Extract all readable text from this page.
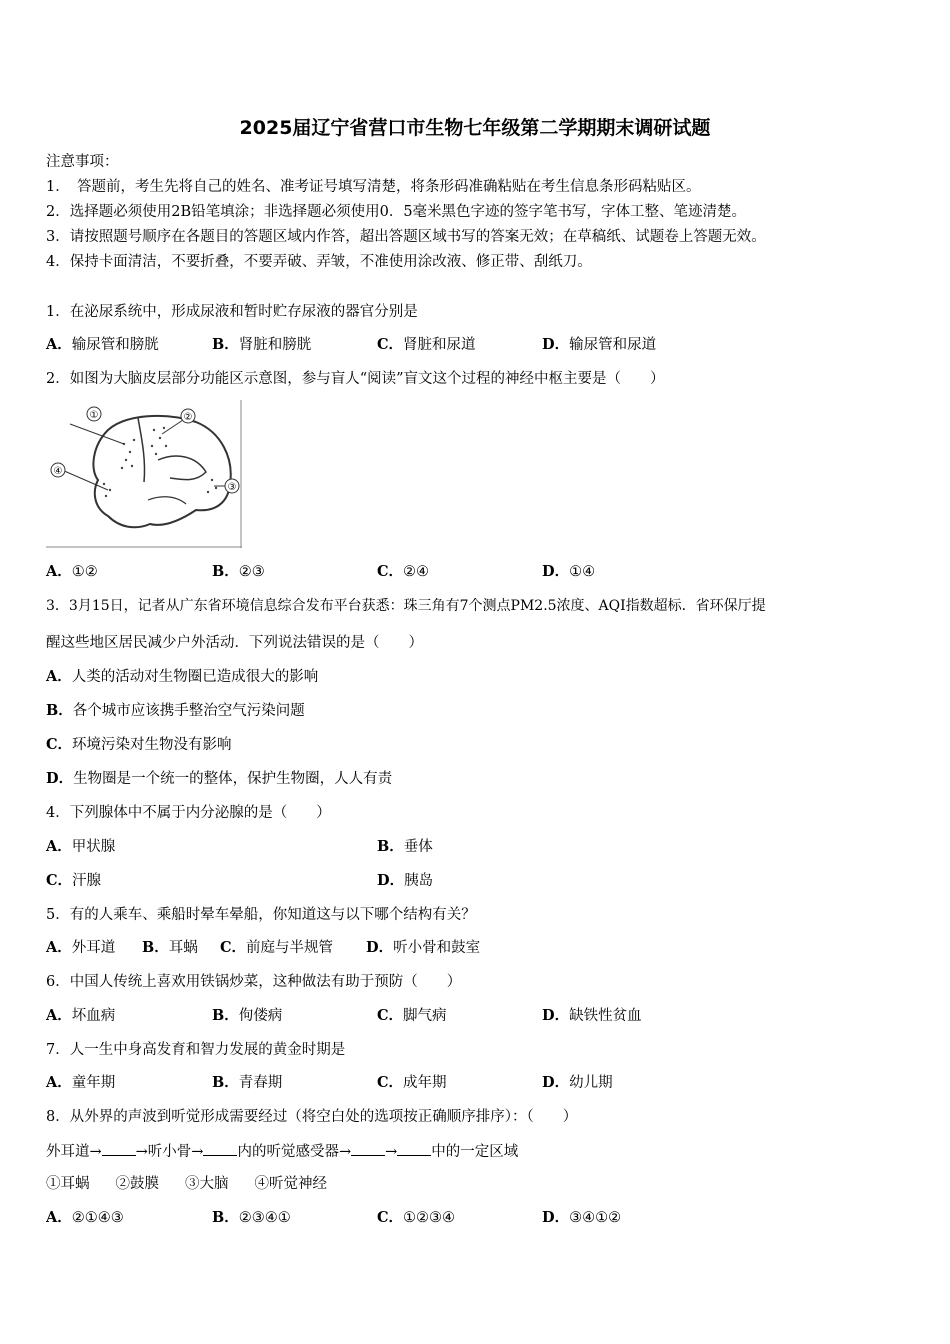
2025届辽宁省营口市生物七年级第二学期期末调研试题
注意事项：
1．　答题前，考生先将自己的姓名、准考证号填写清楚，将条形码准确粘贴在考生信息条形码粘贴区。
2．选择题必须使用2B铅笔填涂；非选择题必须使用0．5毫米黑色字迹的签字笔书写，字体工整、笔迹清楚。
3．请按照题号顺序在各题目的答题区域内作答，超出答题区域书写的答案无效；在草稿纸、试题卷上答题无效。
4．保持卡面清洁，不要折叠，不要弄破、弄皱，不准使用涂改液、修正带、刮纸刀。
1．在泌尿系统中，形成尿液和暂时贮存尿液的器官分别是
A．输尿管和膀胱	B．肾脏和膀胱	C．肾脏和尿道	D．输尿管和尿道
2．如图为大脑皮层部分功能区示意图，参与盲人“阅读”盲文这个过程的神经中枢主要是（　　）
①	②
③
④
A．①②	B．②③	C．②④	D．①④
3．3月15日，记者从广东省环境信息综合发布平台获悉：珠三角有7个测点PM2.5浓度、AQI指数超标．省环保厅提
醒这些地区居民减少户外活动．下列说法错误的是（　　）
A．人类的活动对生物圈已造成很大的影响
B．各个城市应该携手整治空气污染问题
C．环境污染对生物没有影响
D．生物圈是一个统一的整体，保护生物圈，人人有责
4．下列腺体中不属于内分泌腺的是（　　）
A．甲状腺	B．垂体
C．汗腺	D．胰岛
5．有的人乘车、乘船时晕车晕船，你知道这与以下哪个结构有关？
A．外耳道 B．耳蜗 C．前庭与半规管 D．听小骨和鼓室
6．中国人传统上喜欢用铁锅炒菜，这种做法有助于预防（　　）
A．坏血病	B．佝偻病	C．脚气病	D．缺铁性贫血
7．人一生中身高发育和智力发展的黄金时期是
A．童年期	B．青春期	C．成年期	D．幼儿期
8．从外界的声波到听觉形成需要经过（将空白处的选项按正确顺序排序）：（　　）
外耳道→ →听小骨→ 内的听觉感受器→ → 中的一定区域
①耳蜗 ②鼓膜 ③大脑 ④听觉神经
A．②①④③	B．②③④①	C．①②③④	D．③④①②
